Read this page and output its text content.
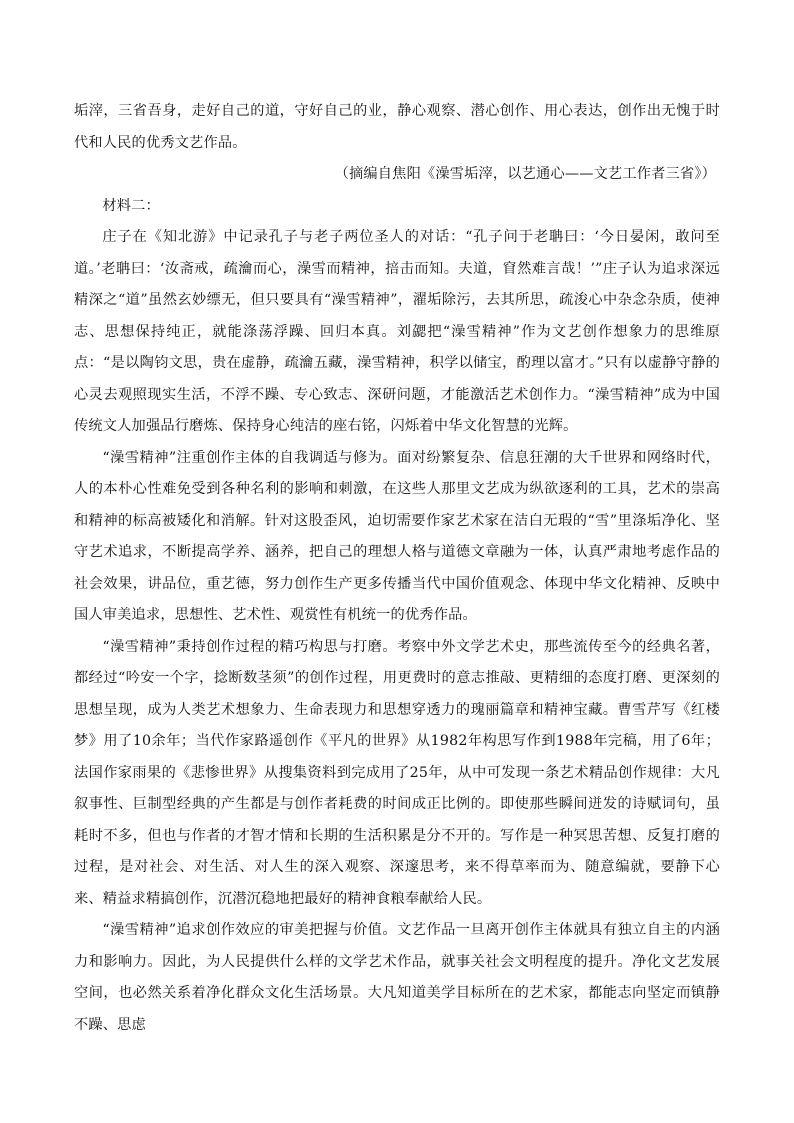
垢滓，三省吾身，走好自己的道，守好自己的业，静心观察、潜心创作、用心表达，创作出无愧于时代和人民的优秀文艺作品。

（摘编自焦阳《澡雪垢滓，以艺通心——文艺工作者三省》）

材料二：

庄子在《知北游》中记录孔子与老子两位圣人的对话：“孔子问于老聃曰：‘今日晏闲，敢问至道。’老聃曰：‘汝斋戒，疏瀹而心，澡雪而精神，掊击而知。夫道，窅然难言哉！’”庄子认为追求深远精深之“道”虽然玄妙缥无，但只要具有“澡雪精神”，濯垢除污，去其所思，疏浚心中杂念杂质，使神志、思想保持纯正，就能涤荡浮躁、回归本真。刘勰把“澡雪精神”作为文艺创作想象力的思维原点：“是以陶钧文思，贵在虚静，疏瀹五藏，澡雪精神，积学以储宝，酌理以富才。”只有以虚静守静的心灵去观照现实生活，不浮不躁、专心致志、深研问题，才能激活艺术创作力。“澡雪精神”成为中国传统文人加强品行磨炼、保持身心纯洁的座右铭，闪烁着中华文化智慧的光辉。

“澡雪精神”注重创作主体的自我调适与修为。面对纷繁复杂、信息狂潮的大千世界和网络时代，人的本朴心性难免受到各种名利的影响和刺激，在这些人那里文艺成为纵欲逐利的工具，艺术的崇高和精神的标高被矮化和消解。针对这股歪风，迫切需要作家艺术家在洁白无瑕的“雪”里涤垢净化、坚守艺术追求，不断提高学养、涵养，把自己的理想人格与道德文章融为一体，认真严肃地考虑作品的社会效果，讲品位，重艺德，努力创作生产更多传播当代中国价值观念、体现中华文化精神、反映中国人审美追求，思想性、艺术性、观赏性有机统一的优秀作品。

“澡雪精神”秉持创作过程的精巧构思与打磨。考察中外文学艺术史，那些流传至今的经典名著，都经过“吟安一个字，捻断数茎须”的创作过程，用更费时的意志推敲、更精细的态度打磨、更深刻的思想呈现，成为人类艺术想象力、生命表现力和思想穿透力的瑰丽篇章和精神宝藏。曹雪芹写《红楼梦》用了10余年；当代作家路遥创作《平凡的世界》从1982年构思写作到1988年完稿，用了6年；法国作家雨果的《悲惨世界》从搜集资料到完成用了25年，从中可发现一条艺术精品创作规律：大凡叙事性、巨制型经典的产生都是与创作者耗费的时间成正比例的。即使那些瞬间迸发的诗赋词句，虽耗时不多，但也与作者的才智才情和长期的生活积累是分不开的。写作是一种冥思苦想、反复打磨的过程，是对社会、对生活、对人生的深入观察、深邃思考，来不得草率而为、随意编就，要静下心来、精益求精搞创作，沉潜沉稳地把最好的精神食粮奉献给人民。

“澡雪精神”追求创作效应的审美把握与价值。文艺作品一旦离开创作主体就具有独立自主的内涵力和影响力。因此，为人民提供什么样的文学艺术作品，就事关社会文明程度的提升。净化文艺发展空间，也必然关系着净化群众文化生活场景。大凡知道美学目标所在的艺术家，都能志向坚定而镇静不躁、思虑
